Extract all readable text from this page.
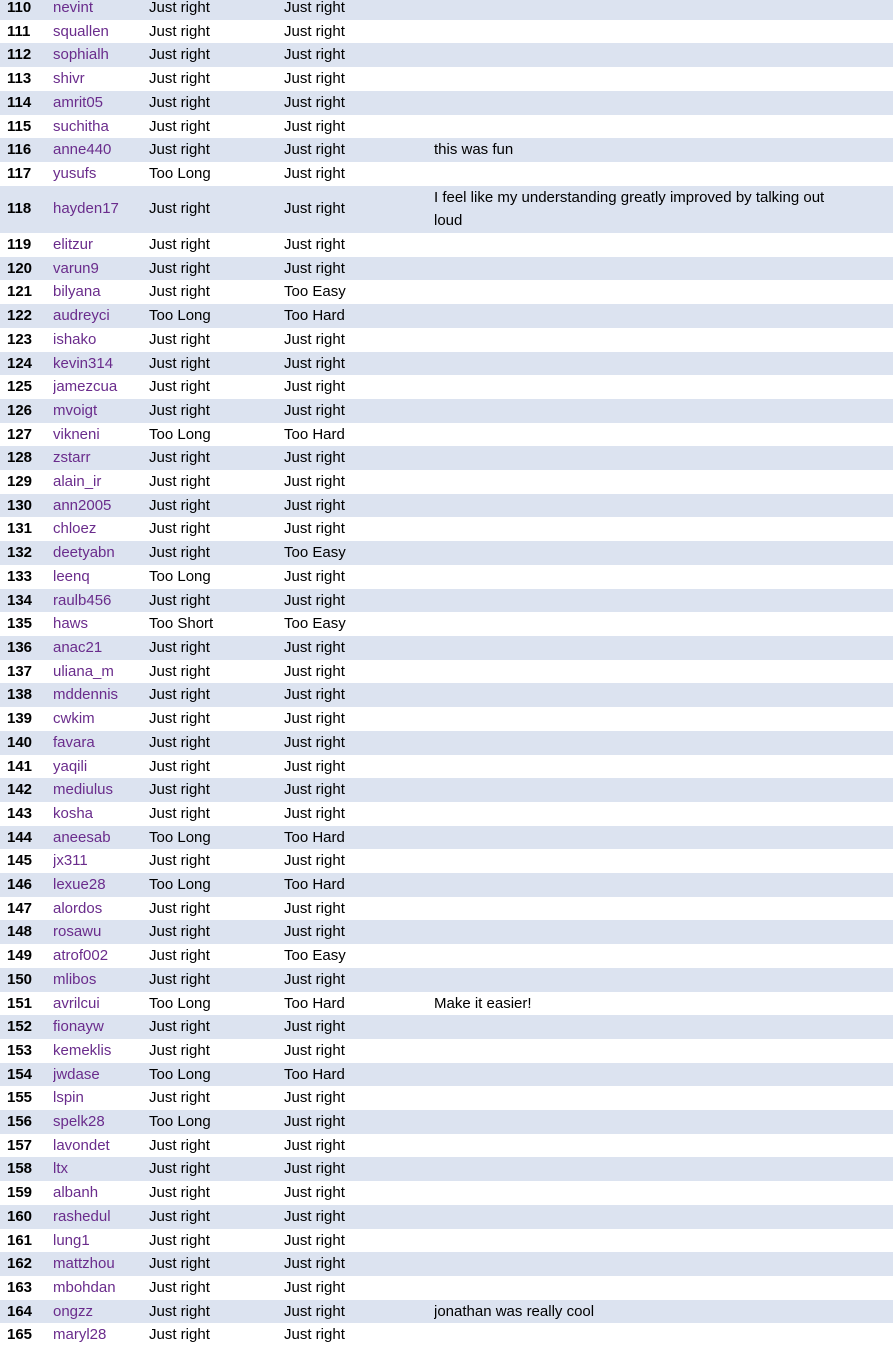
110	nevint	Just right	Just right	
111	squallen	Just right	Just right	
112	sophialh	Just right	Just right	
113	shivr	Just right	Just right	
114	amrit05	Just right	Just right	
115	suchitha	Just right	Just right	
116	anne440	Just right	Just right	this was fun
117	yusufs	Too Long	Just right	
118	hayden17	Just right	Just right	I feel like my understanding greatly improved by talking out loud
119	elitzur	Just right	Just right	
120	varun9	Just right	Just right	
121	bilyana	Just right	Too Easy	
122	audreyci	Too Long	Too Hard	
123	ishako	Just right	Just right	
124	kevin314	Just right	Just right	
125	jamezcua	Just right	Just right	
126	mvoigt	Just right	Just right	
127	vikneni	Too Long	Too Hard	
128	zstarr	Just right	Just right	
129	alain_ir	Just right	Just right	
130	ann2005	Just right	Just right	
131	chloez	Just right	Just right	
132	deetyabn	Just right	Too Easy	
133	leenq	Too Long	Just right	
134	raulb456	Just right	Just right	
135	haws	Too Short	Too Easy	
136	anac21	Just right	Just right	
137	uliana_m	Just right	Just right	
138	mddennis	Just right	Just right	
139	cwkim	Just right	Just right	
140	favara	Just right	Just right	
141	yaqili	Just right	Just right	
142	mediulus	Just right	Just right	
143	kosha	Just right	Just right	
144	aneesab	Too Long	Too Hard	
145	jx311	Just right	Just right	
146	lexue28	Too Long	Too Hard	
147	alordos	Just right	Just right	
148	rosawu	Just right	Just right	
149	atrof002	Just right	Too Easy	
150	mlibos	Just right	Just right	
151	avrilcui	Too Long	Too Hard	Make it easier!
152	fionayw	Just right	Just right	
153	kemeklis	Just right	Just right	
154	jwdase	Too Long	Too Hard	
155	lspin	Just right	Just right	
156	spelk28	Too Long	Just right	
157	lavondet	Just right	Just right	
158	ltx	Just right	Just right	
159	albanh	Just right	Just right	
160	rashedul	Just right	Just right	
161	lung1	Just right	Just right	
162	mattzhou	Just right	Just right	
163	mbohdan	Just right	Just right	
164	ongzz	Just right	Just right	jonathan was really cool
165	maryl28	Just right	Just right	
